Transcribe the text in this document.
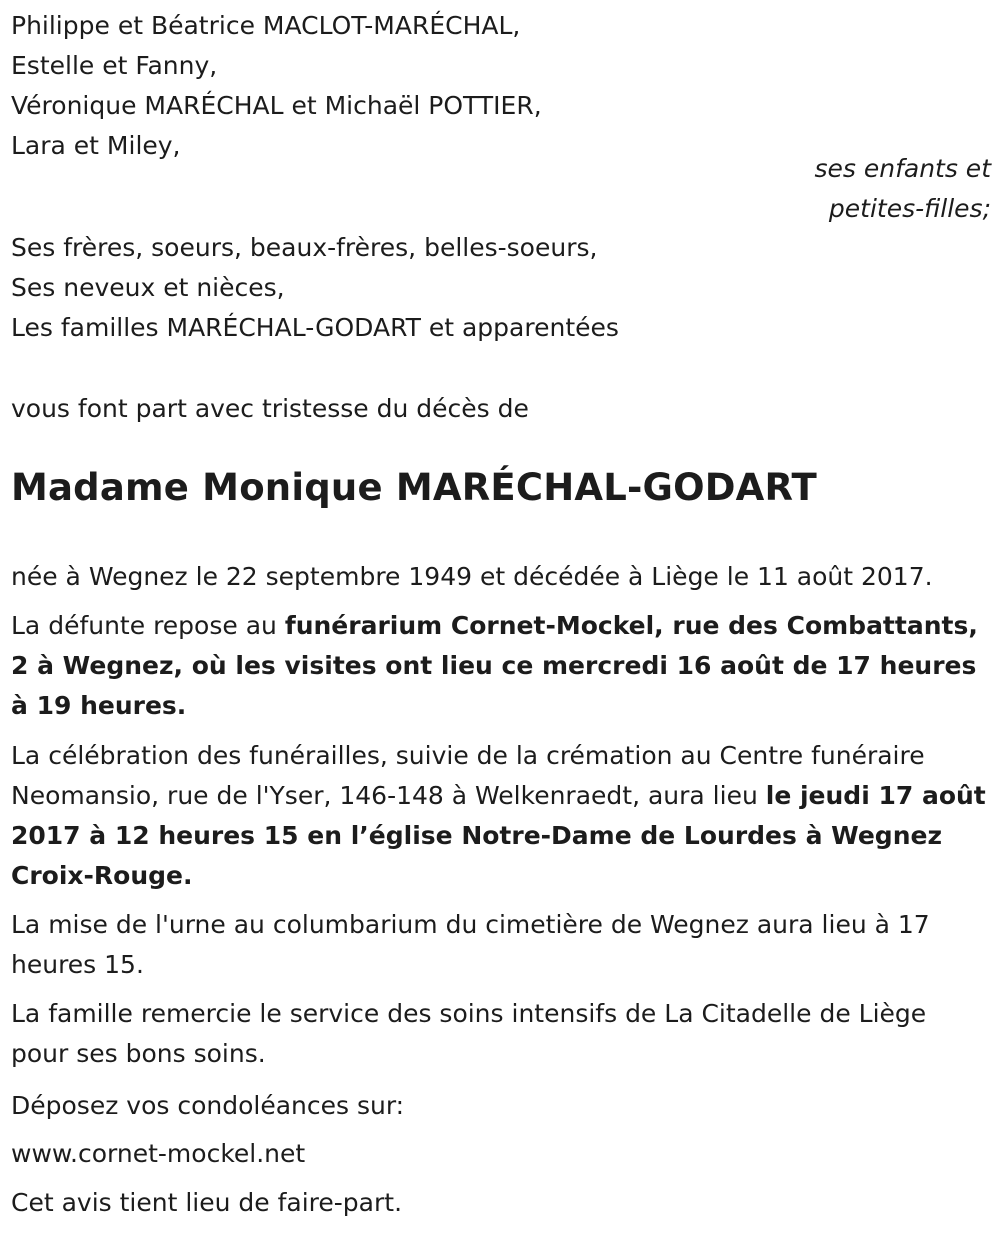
Philippe et Béatrice MACLOT-MARÉCHAL,
Estelle et Fanny,
Véronique MARÉCHAL et Michaël POTTIER,
Lara et Miley,
ses enfants et
petites-filles;
Ses frères, soeurs, beaux-frères, belles-soeurs,
Ses neveux et nièces,
Les familles MARÉCHAL-GODART et apparentées
vous font part avec tristesse du décès de
Madame Monique MARÉCHAL-GODART
née à Wegnez le 22 septembre 1949 et décédée à Liège le 11 août 2017.
La défunte repose au funérarium Cornet-Mockel, rue des Combattants, 2 à Wegnez, où les visites ont lieu ce mercredi 16 août de 17 heures à 19 heures.
La célébration des funérailles, suivie de la crémation au Centre funéraire Neomansio, rue de l'Yser, 146-148 à Welkenraedt, aura lieu le jeudi 17 août 2017 à 12 heures 15 en l’église Notre-Dame de Lourdes à Wegnez Croix-Rouge.
La mise de l'urne au columbarium du cimetière de Wegnez aura lieu à 17 heures 15.
La famille remercie le service des soins intensifs de La Citadelle de Liège pour ses bons soins.
Déposez vos condoléances sur:
www.cornet-mockel.net
Cet avis tient lieu de faire-part.
